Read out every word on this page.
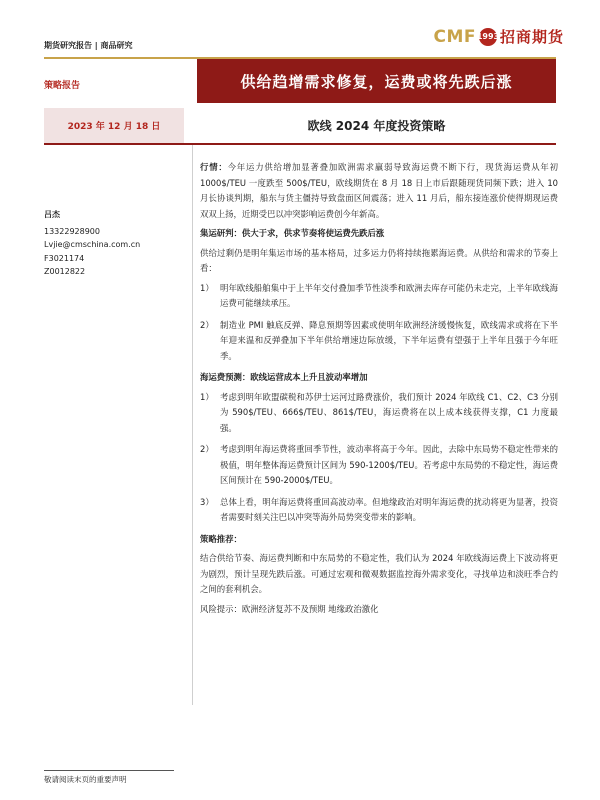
期货研究报告 | 商品研究	CMF 1993 招商期货
策略报告	供给趋增需求修复，运费或将先跌后涨
2023 年 12 月 18 日	欧线 2024 年度投资策略
吕杰
13322928900
Lvjie@cmschina.com.cn
F3021174
Z0012822

行情：今年运力供给增加显著叠加欧洲需求羸弱导致海运费不断下行，现货海运费从年初 1000$/TEU 一度跌至 500$/TEU，欧线期货在 8 月 18 日上市后跟随现货同频下跌；进入 10 月长协谈判期，船东与货主僵持导致盘面区间震荡；进入 11 月后，船东接连涨价使得期现运费双双上扬，近期受巴以冲突影响运费创今年新高。

集运研判：供大于求，供求节奏将使运费先跌后涨

供给过剩仍是明年集运市场的基本格局，过多运力仍将持续拖累海运费。从供给和需求的节奏上看：

1） 明年欧线船舶集中于上半年交付叠加季节性淡季和欧洲去库存可能仍未走完，上半年欧线海运费可能继续承压。
2） 制造业 PMI 触底反弹、降息预期等因素或使明年欧洲经济缓慢恢复，欧线需求或将在下半年迎来温和反弹叠加下半年供给增速边际放缓，下半年运费有望强于上半年且强于今年旺季。
海运费预测：欧线运营成本上升且波动率增加
1） 考虑到明年欧盟碳税和苏伊士运河过路费涨价，我们预计 2024 年欧线 C1、C2、C3 分别为 590$/TEU、666$/TEU、861$/TEU，海运费将在以上成本线获得支撑，C1 力度最强。
2） 考虑到明年海运费将重回季节性，波动率将高于今年。因此，去除中东局势不稳定性带来的极值，明年整体海运费预计区间为 590-1200$/TEU。若考虑中东局势的不稳定性，海运费区间预计在 590-2000$/TEU。
3） 总体上看，明年海运费将重回高波动率。但地缘政治对明年海运费的扰动将更为显著，投资者需要时刻关注巴以冲突等海外局势突变带来的影响。
策略推荐：

结合供给节奏、海运费判断和中东局势的不稳定性，我们认为 2024 年欧线海运费上下波动将更为剧烈，预计呈现先跌后涨。可通过宏观和微观数据监控海外需求变化，寻找单边和淡旺季合约之间的套利机会。

风险提示：欧洲经济复苏不及预期 地缘政治激化

敬请阅读末页的重要声明
